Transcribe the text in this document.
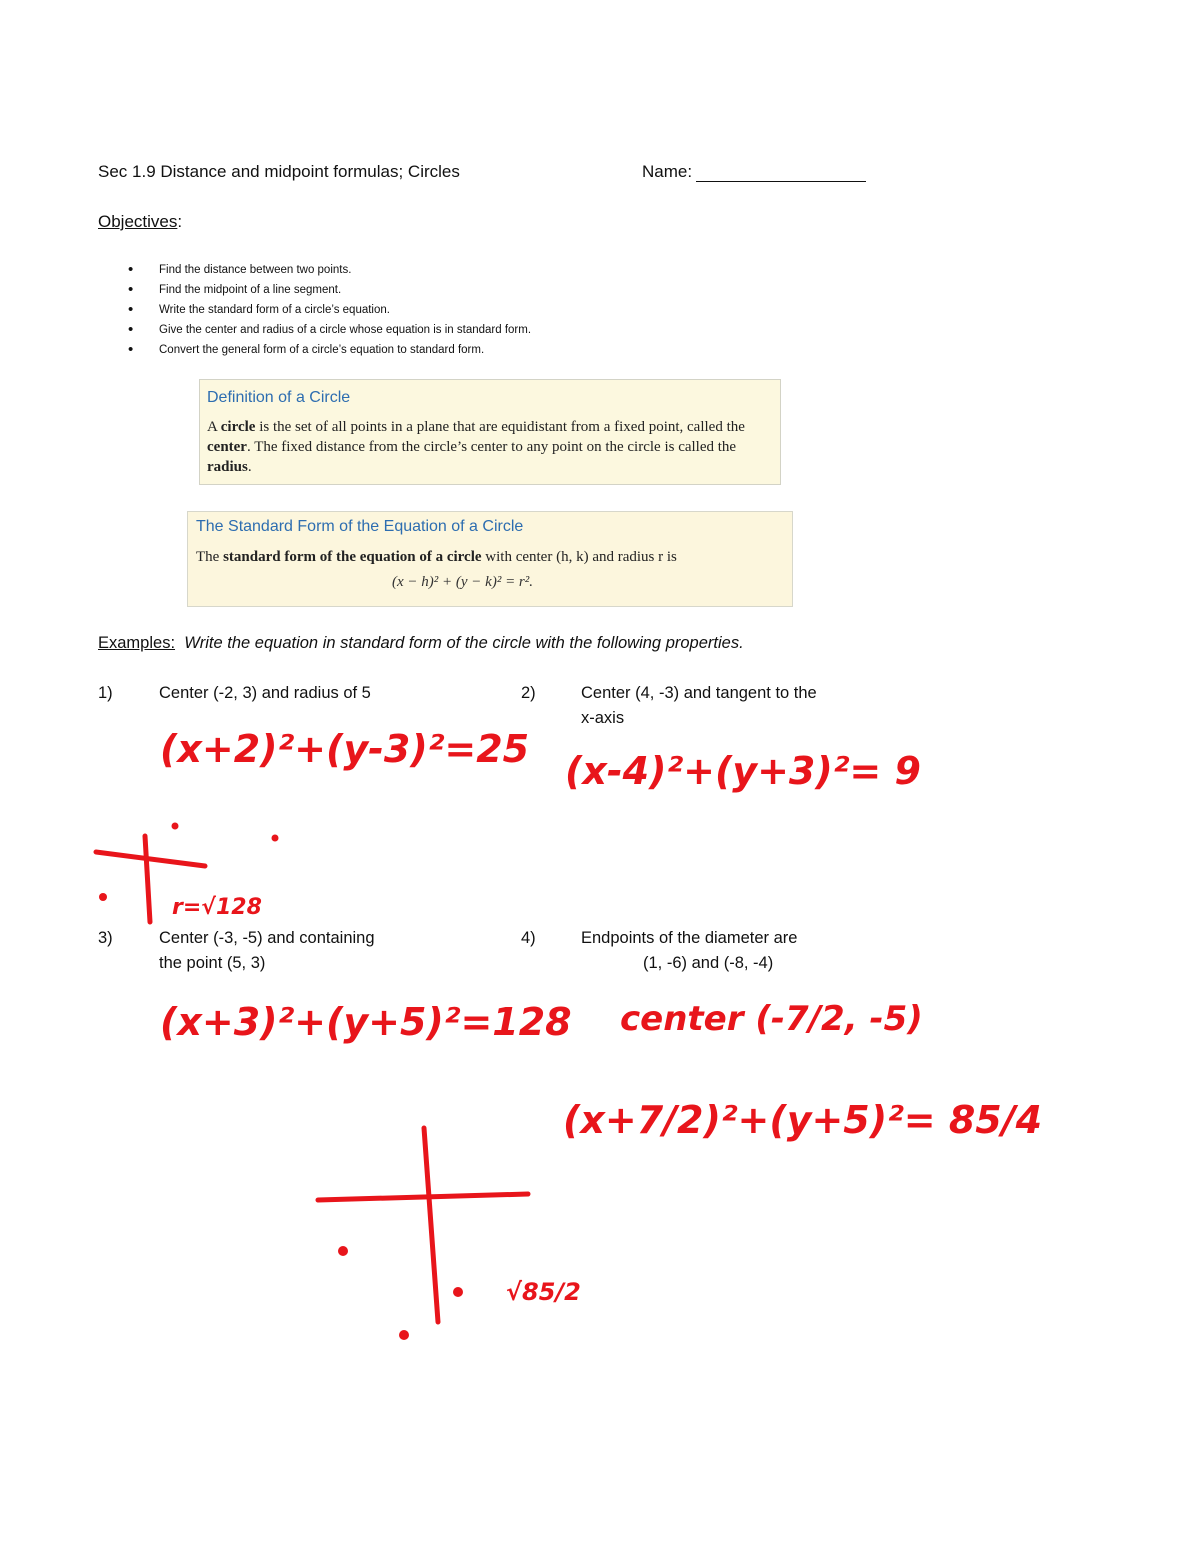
Sec 1.9 Distance and midpoint formulas; Circles	Name:
Objectives:
• Find the distance between two points.
• Find the midpoint of a line segment.
• Write the standard form of a circle’s equation.
• Give the center and radius of a circle whose equation is in standard form.
• Convert the general form of a circle’s equation to standard form.
Definition of a Circle
A circle is the set of all points in a plane that are equidistant from a fixed point, called the center. The fixed distance from the circle’s center to any point on the circle is called the radius.
The Standard Form of the Equation of a Circle
The standard form of the equation of a circle with center (h, k) and radius r is
(x − h)² + (y − k)² = r².
Examples: Write the equation in standard form of the circle with the following properties.
1)	Center (-2, 3) and radius of 5	2)	Center (4, -3) and tangent to the
x-axis
3)	Center (-3, -5) and containing
the point (5, 3)
4)	Endpoints of the diameter are
(1, -6) and (-8, -4)
(x+2)²+(y-3)²=25 (x-4)²+(y+3)²= 9
r=√128
(x+3)²+(y+5)²=128 center (-7/2, -5)
(x+7/2)²+(y+5)²= 85/4
√85/2
